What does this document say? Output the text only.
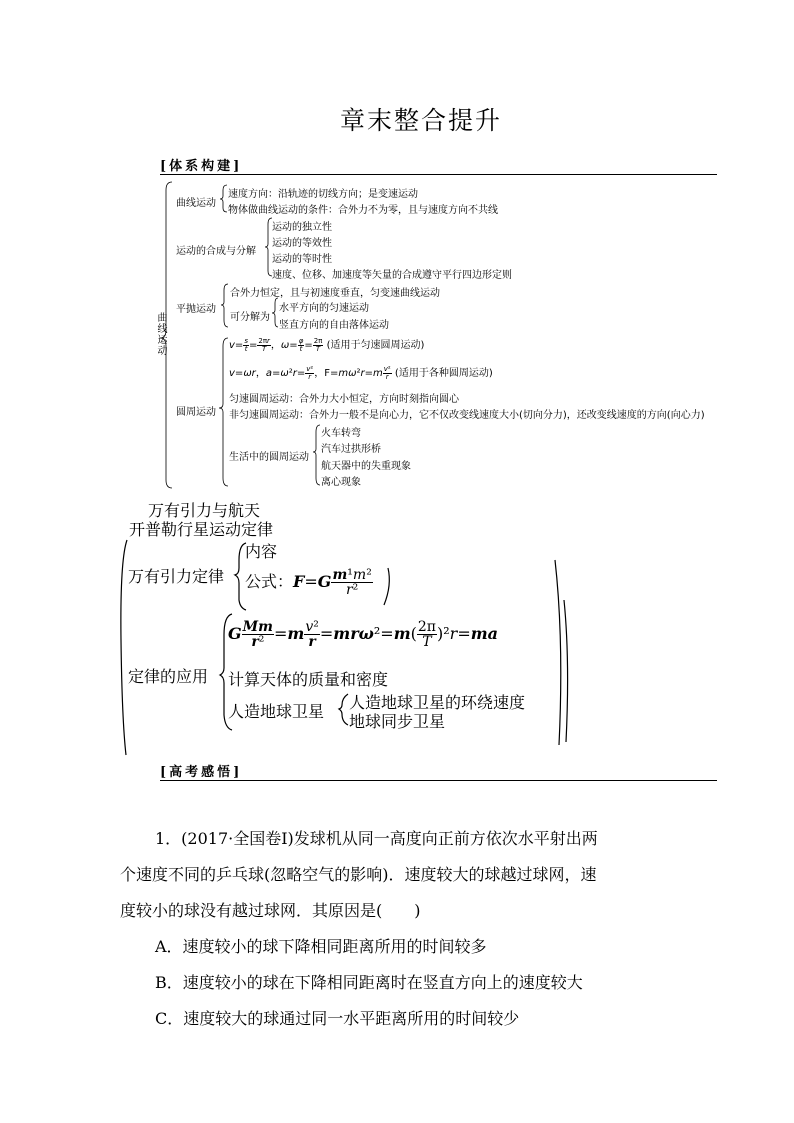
章末整合提升
[体系构建]
曲线运动
曲线运动
速度方向：沿轨迹的切线方向；是变速运动
物体做曲线运动的条件：合外力不为零，且与速度方向不共线
运动的合成与分解
运动的独立性
运动的等效性
运动的等时性
速度、位移、加速度等矢量的合成遵守平行四边形定则
平抛运动
合外力恒定，且与初速度垂直，匀变速曲线运动
可分解为
水平方向的匀速运动
竖直方向的自由落体运动
圆周运动
$v= \frac{s}{t} = \frac{2\pi r}{T}$ ，$\omega= \frac{\varphi}{t} = \frac{2\pi}{T}$ (适用于匀速圆周运动)
v=ωr，$a=\omega^2r= \frac{\text{v²}}{r}$ ，$F=m\omega^2r=m \frac{\text{v²}}{r}$ (适用于各种圆周运动)
匀速圆周运动：合外力大小恒定，方向时刻指向圆心
非匀速圆周运动：合外力一般不是向心力，它不仅改变线速度大小(切向分力)，还改变线速度的方向(向心力)
生活中的圆周运动
火车转弯
汽车过拱形桥
航天器中的失重现象
离心现象
万有引力与航天
开普勒行星运动定律
万有引力定律
内容
公式：$F=G \frac{\text{m¹m²}}{\text{r²}}$
定律的应用
G $\frac{Mm}{\text{r²}} =m \frac{\text{v²}}{r} =mr\omega^2=m( \frac{2\pi}{T} )^2r=ma$
计算天体的质量和密度
人造地球卫星 人造地球卫星的环绕速度
地球同步卫星
[高考感悟]
1．(2017·全国卷Ⅰ)发球机从同一高度向正前方依次水平射出两
个速度不同的乒乓球(忽略空气的影响)．速度较大的球越过球网，速
度较小的球没有越过球网．其原因是(　　)
A．速度较小的球下降相同距离所用的时间较多
B．速度较小的球在下降相同距离时在竖直方向上的速度较大
C．速度较大的球通过同一水平距离所用的时间较少
